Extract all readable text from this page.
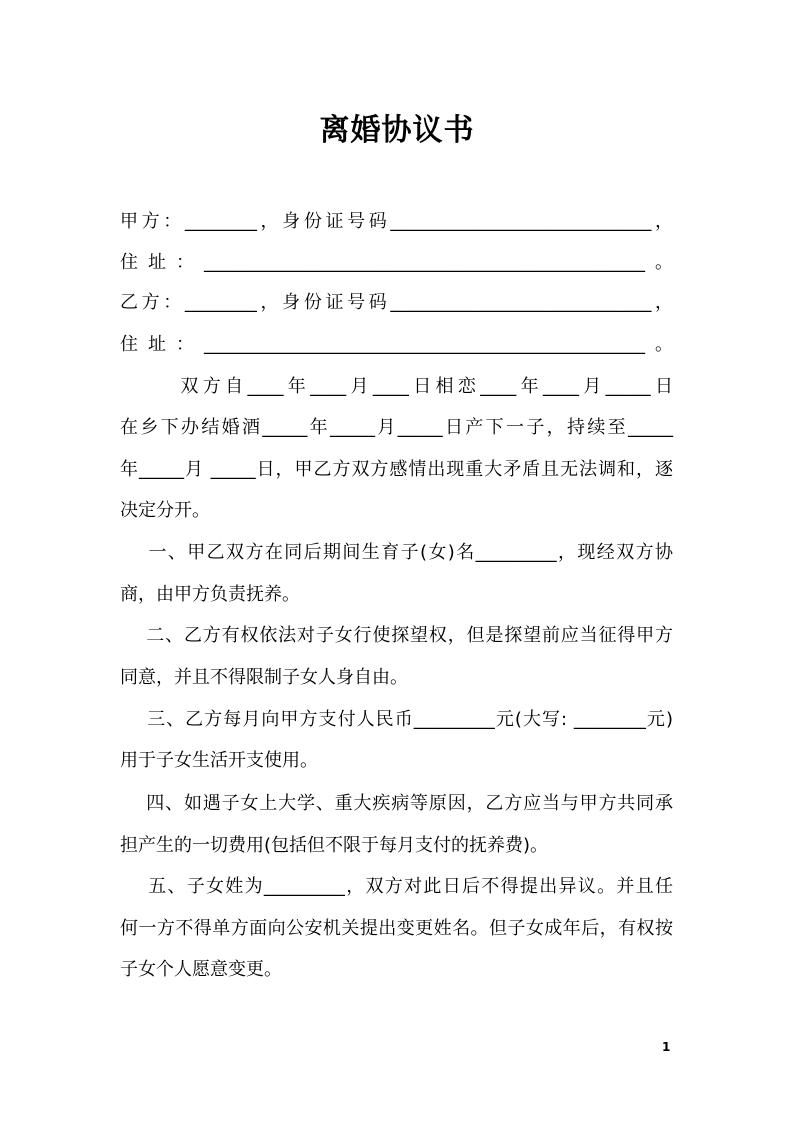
离婚协议书
甲方：________，身份证号码_____________________________，
住址：_________________________________________________。
乙方：________，身份证号码_____________________________，
住址：_________________________________________________。
双方自____年____月____日相恋____年____月_____日
在乡下办结婚酒_____年_____月_____日产下一子，持续至_____
年_____月 _____日，甲乙方双方感情出现重大矛盾且无法调和，逐
决定分开。
一、甲乙双方在同后期间生育子(女)名_________，现经双方协
商，由甲方负责抚养。
二、乙方有权依法对子女行使探望权，但是探望前应当征得甲方
同意，并且不得限制子女人身自由。
三、乙方每月向甲方支付人民币_________元(大写: ________元)
用于子女生活开支使用。
四、如遇子女上大学、重大疾病等原因，乙方应当与甲方共同承
担产生的一切费用(包括但不限于每月支付的抚养费)。
五、子女姓为_________，双方对此日后不得提出异议。并且任
何一方不得单方面向公安机关提出变更姓名。但子女成年后，有权按
子女个人愿意变更。
1
